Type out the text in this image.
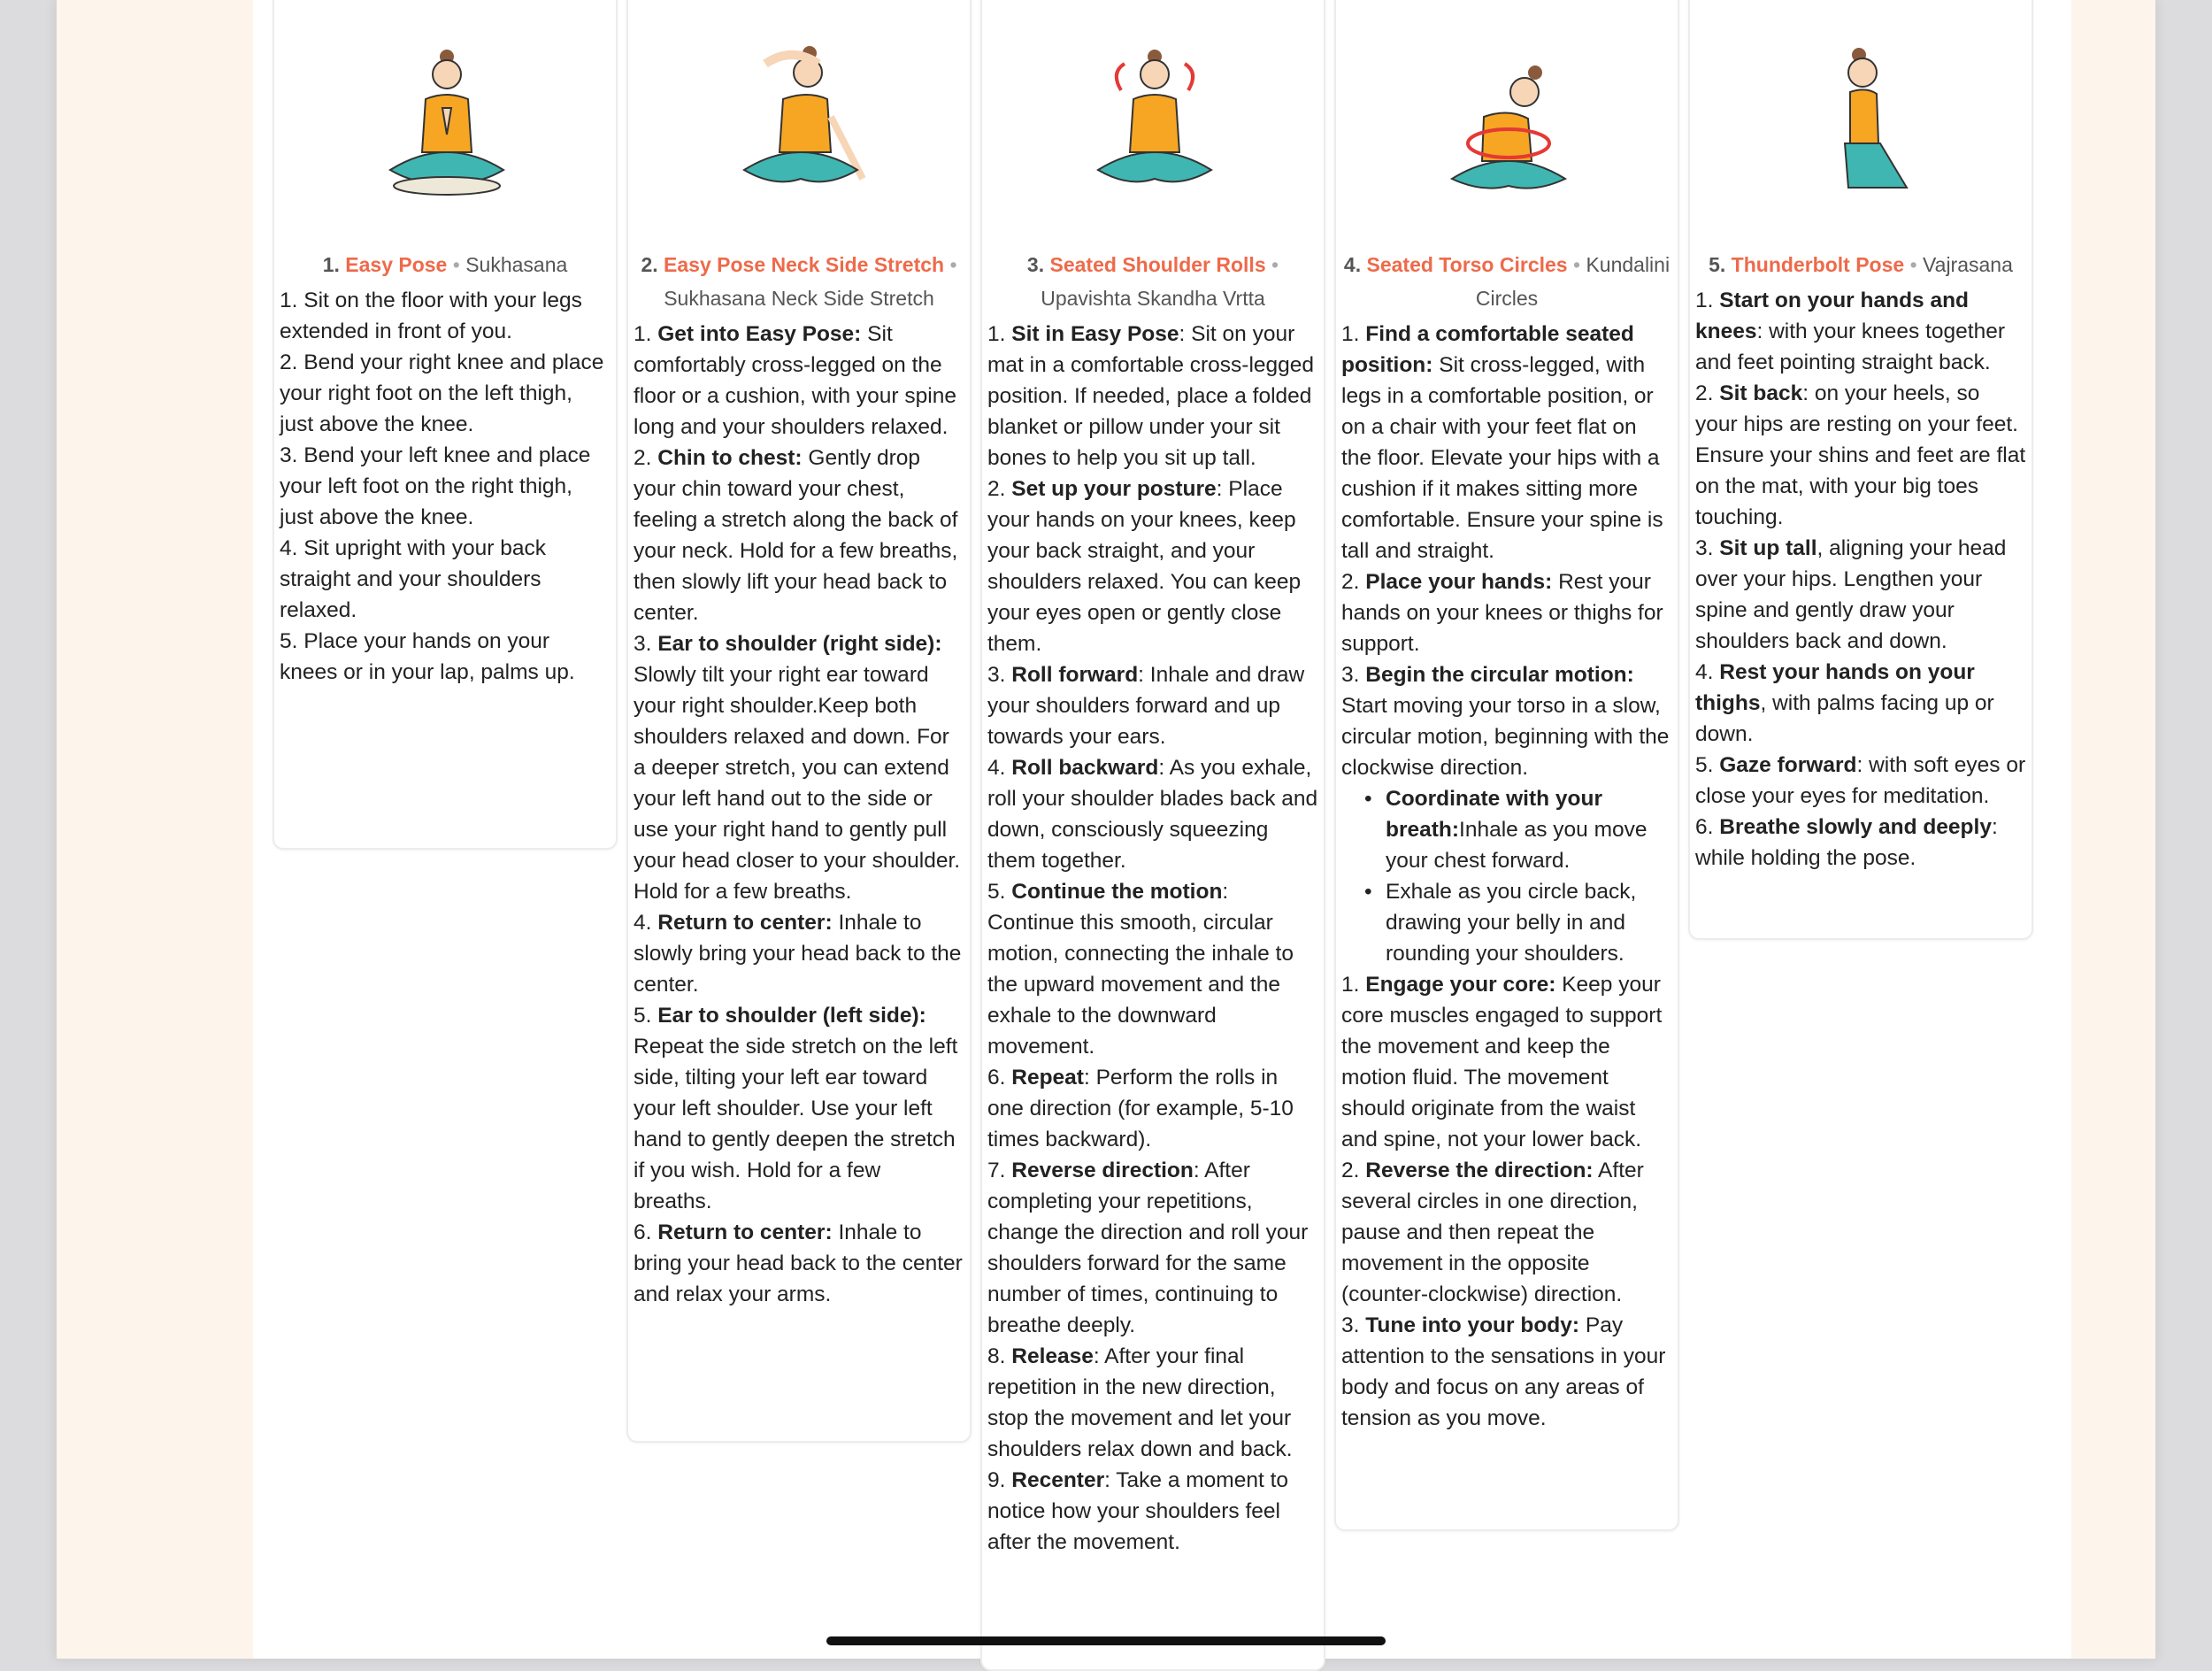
1. Easy Pose • Sukhasana
1. Sit on the floor with your legs extended in front of you.
2. Bend your right knee and place your right foot on the left thigh, just above the knee.
3. Bend your left knee and place your left foot on the right thigh, just above the knee.
4. Sit upright with your back straight and your shoulders relaxed.
5. Place your hands on your knees or in your lap, palms up.
2. Easy Pose Neck Side Stretch • Sukhasana Neck Side Stretch
1. Get into Easy Pose: Sit comfortably cross-legged on the floor or a cushion, with your spine long and your shoulders relaxed.
2. Chin to chest: Gently drop your chin toward your chest, feeling a stretch along the back of your neck. Hold for a few breaths, then slowly lift your head back to center.
3. Ear to shoulder (right side): Slowly tilt your right ear toward your right shoulder.Keep both shoulders relaxed and down. For a deeper stretch, you can extend your left hand out to the side or use your right hand to gently pull your head closer to your shoulder. Hold for a few breaths.
4. Return to center: Inhale to slowly bring your head back to the center.
5. Ear to shoulder (left side): Repeat the side stretch on the left side, tilting your left ear toward your left shoulder. Use your left hand to gently deepen the stretch if you wish. Hold for a few breaths.
6. Return to center: Inhale to bring your head back to the center and relax your arms.
3. Seated Shoulder Rolls • Upavishta Skandha Vrtta
1. Sit in Easy Pose: Sit on your mat in a comfortable cross-legged position. If needed, place a folded blanket or pillow under your sit bones to help you sit up tall.
2. Set up your posture: Place your hands on your knees, keep your back straight, and your shoulders relaxed. You can keep your eyes open or gently close them.
3. Roll forward: Inhale and draw your shoulders forward and up towards your ears.
4. Roll backward: As you exhale, roll your shoulder blades back and down, consciously squeezing them together.
5. Continue the motion: Continue this smooth, circular motion, connecting the inhale to the upward movement and the exhale to the downward movement.
6. Repeat: Perform the rolls in one direction (for example, 5-10 times backward).
7. Reverse direction: After completing your repetitions, change the direction and roll your shoulders forward for the same number of times, continuing to breathe deeply.
8. Release: After your final repetition in the new direction, stop the movement and let your shoulders relax down and back.
9. Recenter: Take a moment to notice how your shoulders feel after the movement.
4. Seated Torso Circles • Kundalini Circles
1. Find a comfortable seated position: Sit cross-legged, with legs in a comfortable position, or on a chair with your feet flat on the floor. Elevate your hips with a cushion if it makes sitting more comfortable. Ensure your spine is tall and straight.
2. Place your hands: Rest your hands on your knees or thighs for support.
3. Begin the circular motion: Start moving your torso in a slow, circular motion, beginning with the clockwise direction.
• Coordinate with your breath:Inhale as you move your chest forward.
• Exhale as you circle back, drawing your belly in and rounding your shoulders.
1. Engage your core: Keep your core muscles engaged to support the movement and keep the motion fluid. The movement should originate from the waist and spine, not your lower back.
2. Reverse the direction: After several circles in one direction, pause and then repeat the movement in the opposite (counter-clockwise) direction.
3. Tune into your body: Pay attention to the sensations in your body and focus on any areas of tension as you move.
5. Thunderbolt Pose • Vajrasana
1. Start on your hands and knees: with your knees together and feet pointing straight back.
2. Sit back: on your heels, so your hips are resting on your feet. Ensure your shins and feet are flat on the mat, with your big toes touching.
3. Sit up tall, aligning your head over your hips. Lengthen your spine and gently draw your shoulders back and down.
4. Rest your hands on your thighs, with palms facing up or down.
5. Gaze forward: with soft eyes or close your eyes for meditation.
6. Breathe slowly and deeply: while holding the pose.
